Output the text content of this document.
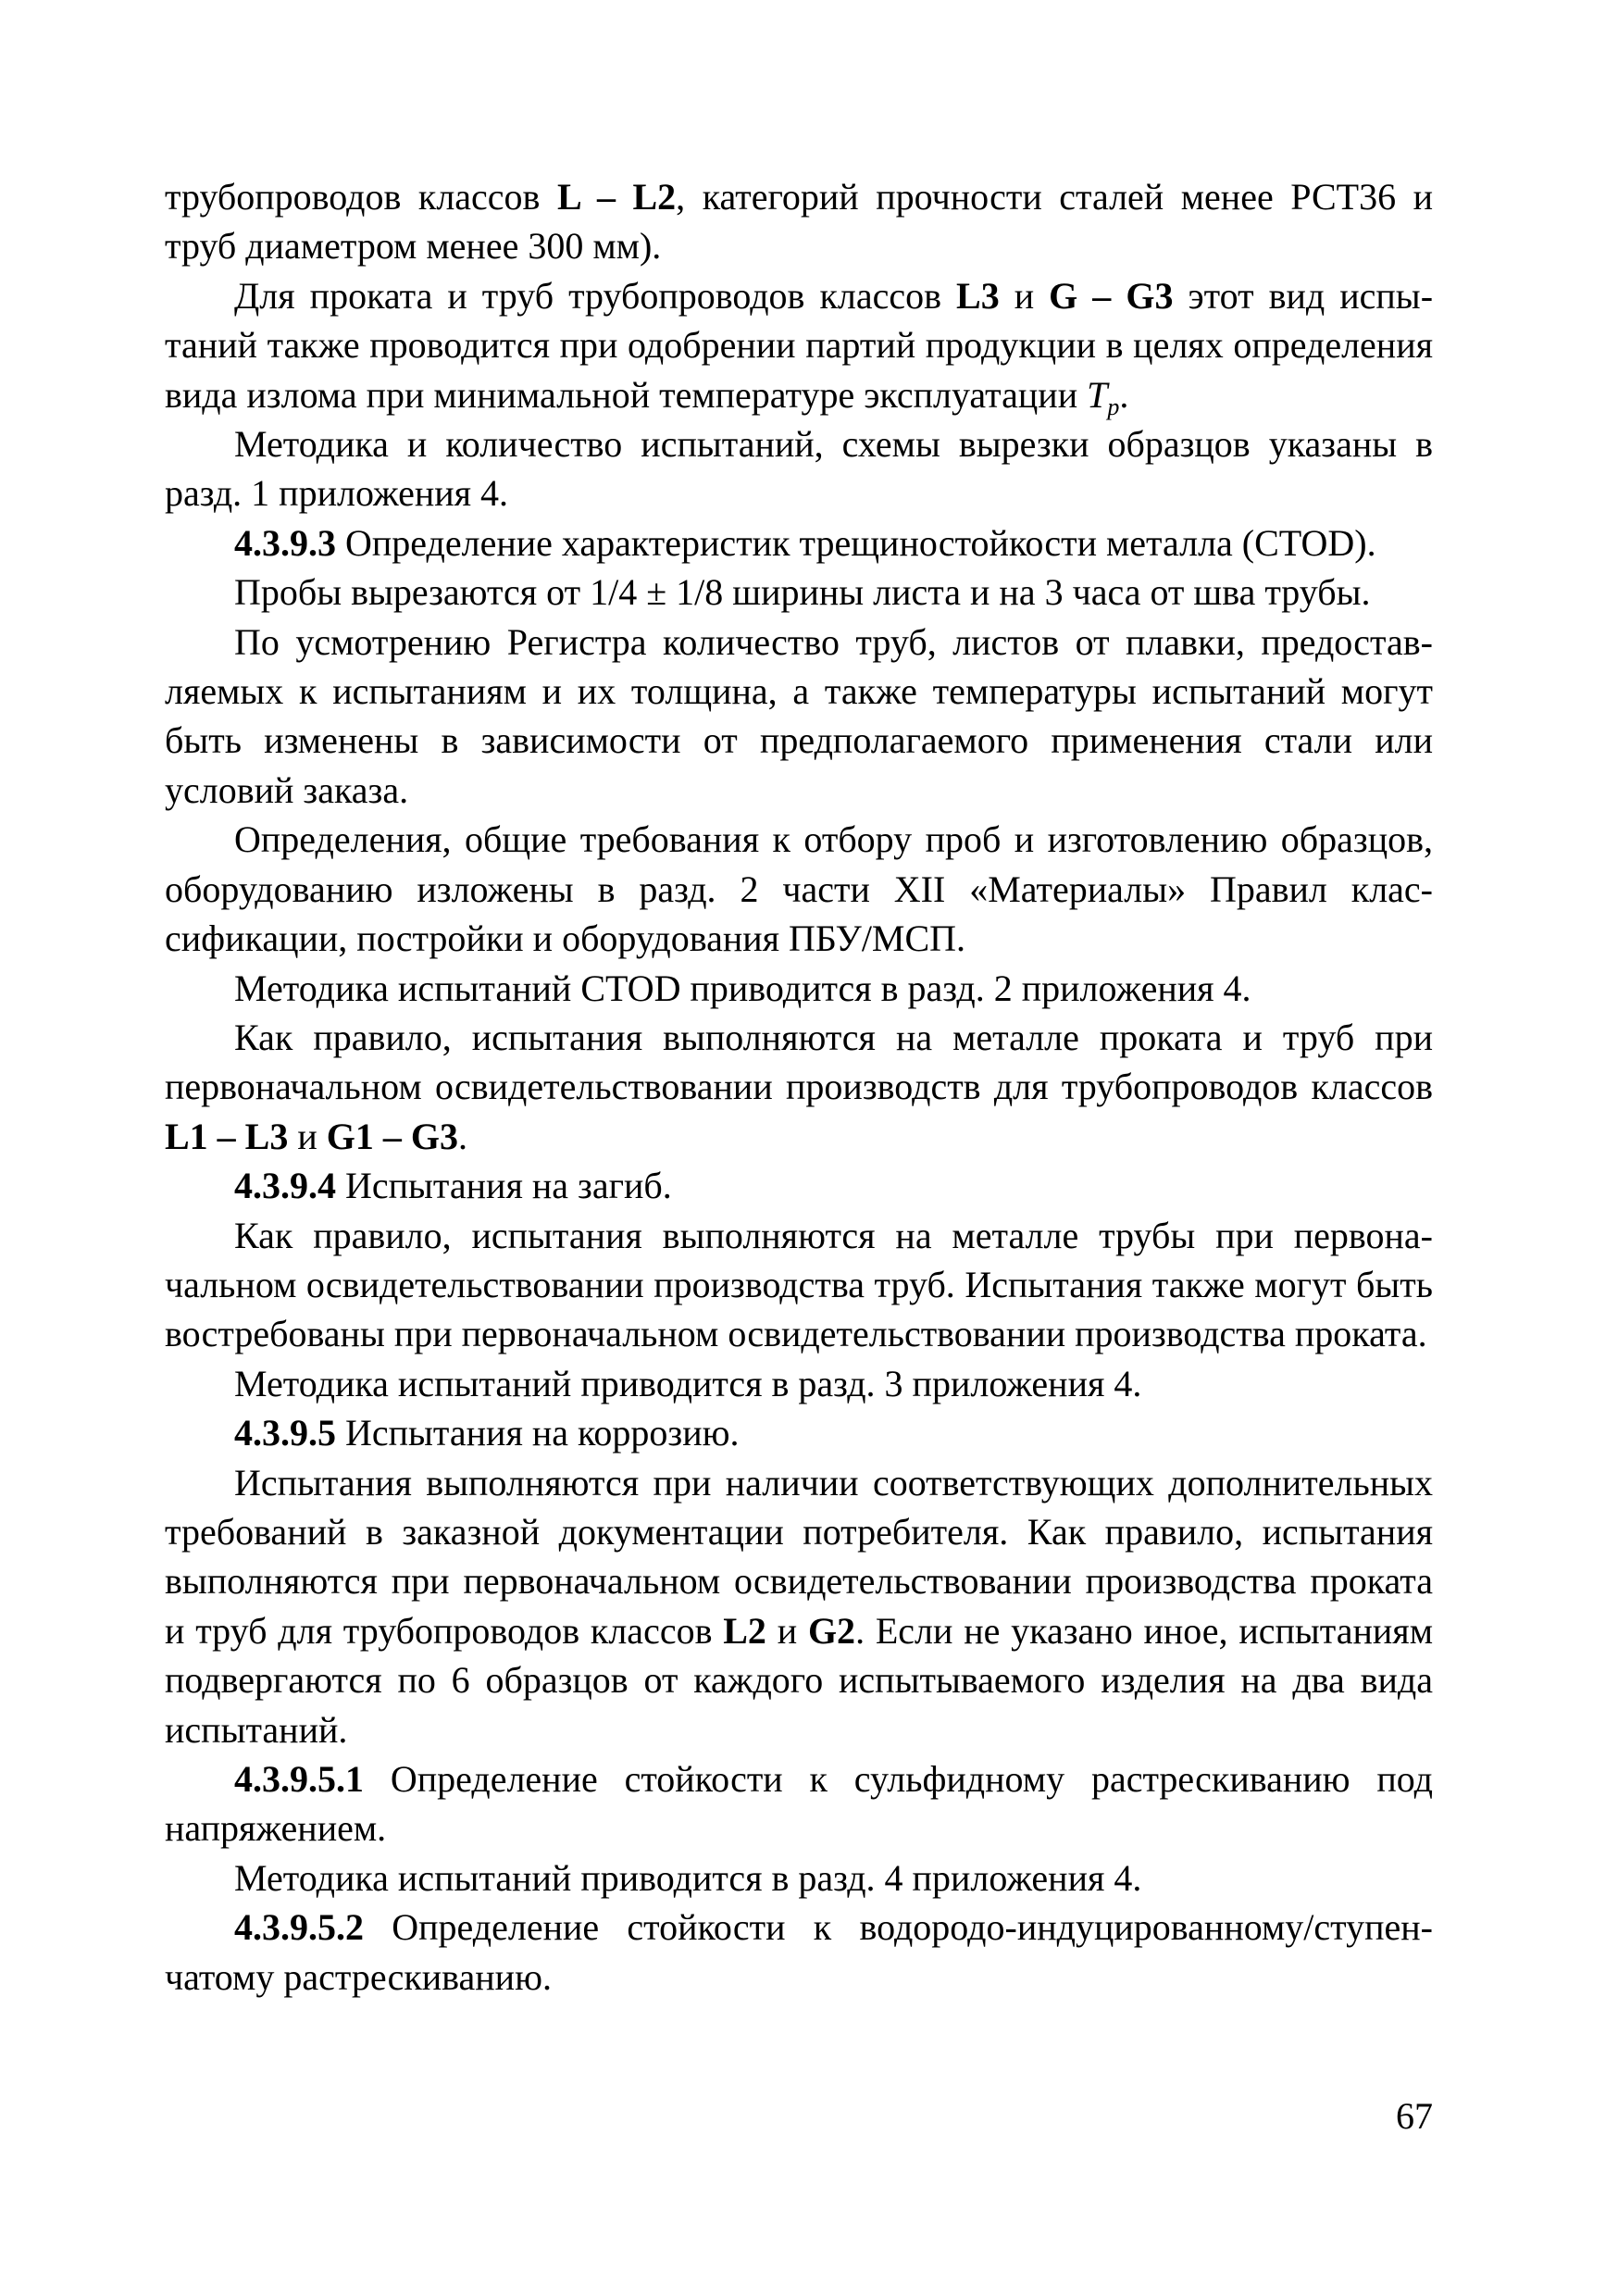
трубопроводов классов L – L2, категорий прочности сталей менее РСТ36 и труб диаметром менее 300 мм).

Для проката и труб трубопроводов классов L3 и G – G3 этот вид испытаний также проводится при одобрении партий продукции в целях определения вида излома при минимальной температуре эксплуатации $T_p$.

Методика и количество испытаний, схемы вырезки образцов указаны в разд. 1 приложения 4.

4.3.9.3 Определение характеристик трещиностойкости металла (CTOD).

Пробы вырезаются от 1/4 ± 1/8 ширины листа и на 3 часа от шва трубы.

По усмотрению Регистра количество труб, листов от плавки, предоставляемых к испытаниям и их толщина, а также температуры испытаний могут быть изменены в зависимости от предполагаемого применения стали или условий заказа.

Определения, общие требования к отбору проб и изготовлению образцов, оборудованию изложены в разд. 2 части XII «Материалы» Правил классификации, постройки и оборудования ПБУ/МСП.

Методика испытаний CTOD приводится в разд. 2 приложения 4.

Как правило, испытания выполняются на металле проката и труб при первоначальном освидетельствовании производств для трубопроводов классов L1 – L3 и G1 – G3.

4.3.9.4 Испытания на загиб.

Как правило, испытания выполняются на металле трубы при первоначальном освидетельствовании производства труб. Испытания также могут быть востребованы при первоначальном освидетельствовании производства проката.

Методика испытаний приводится в разд. 3 приложения 4.

4.3.9.5 Испытания на коррозию.

Испытания выполняются при наличии соответствующих дополнительных требований в заказной документации потребителя. Как правило, испытания выполняются при первоначальном освидетельствовании производства проката и труб для трубопроводов классов L2 и G2. Если не указано иное, испытаниям подвергаются по 6 образцов от каждого испытываемого изделия на два вида испытаний.

4.3.9.5.1 Определение стойкости к сульфидному растрескиванию под напряжением.

Методика испытаний приводится в разд. 4 приложения 4.

4.3.9.5.2 Определение стойкости к водородо-индуцированному/ступенчатому растрескиванию.

67
